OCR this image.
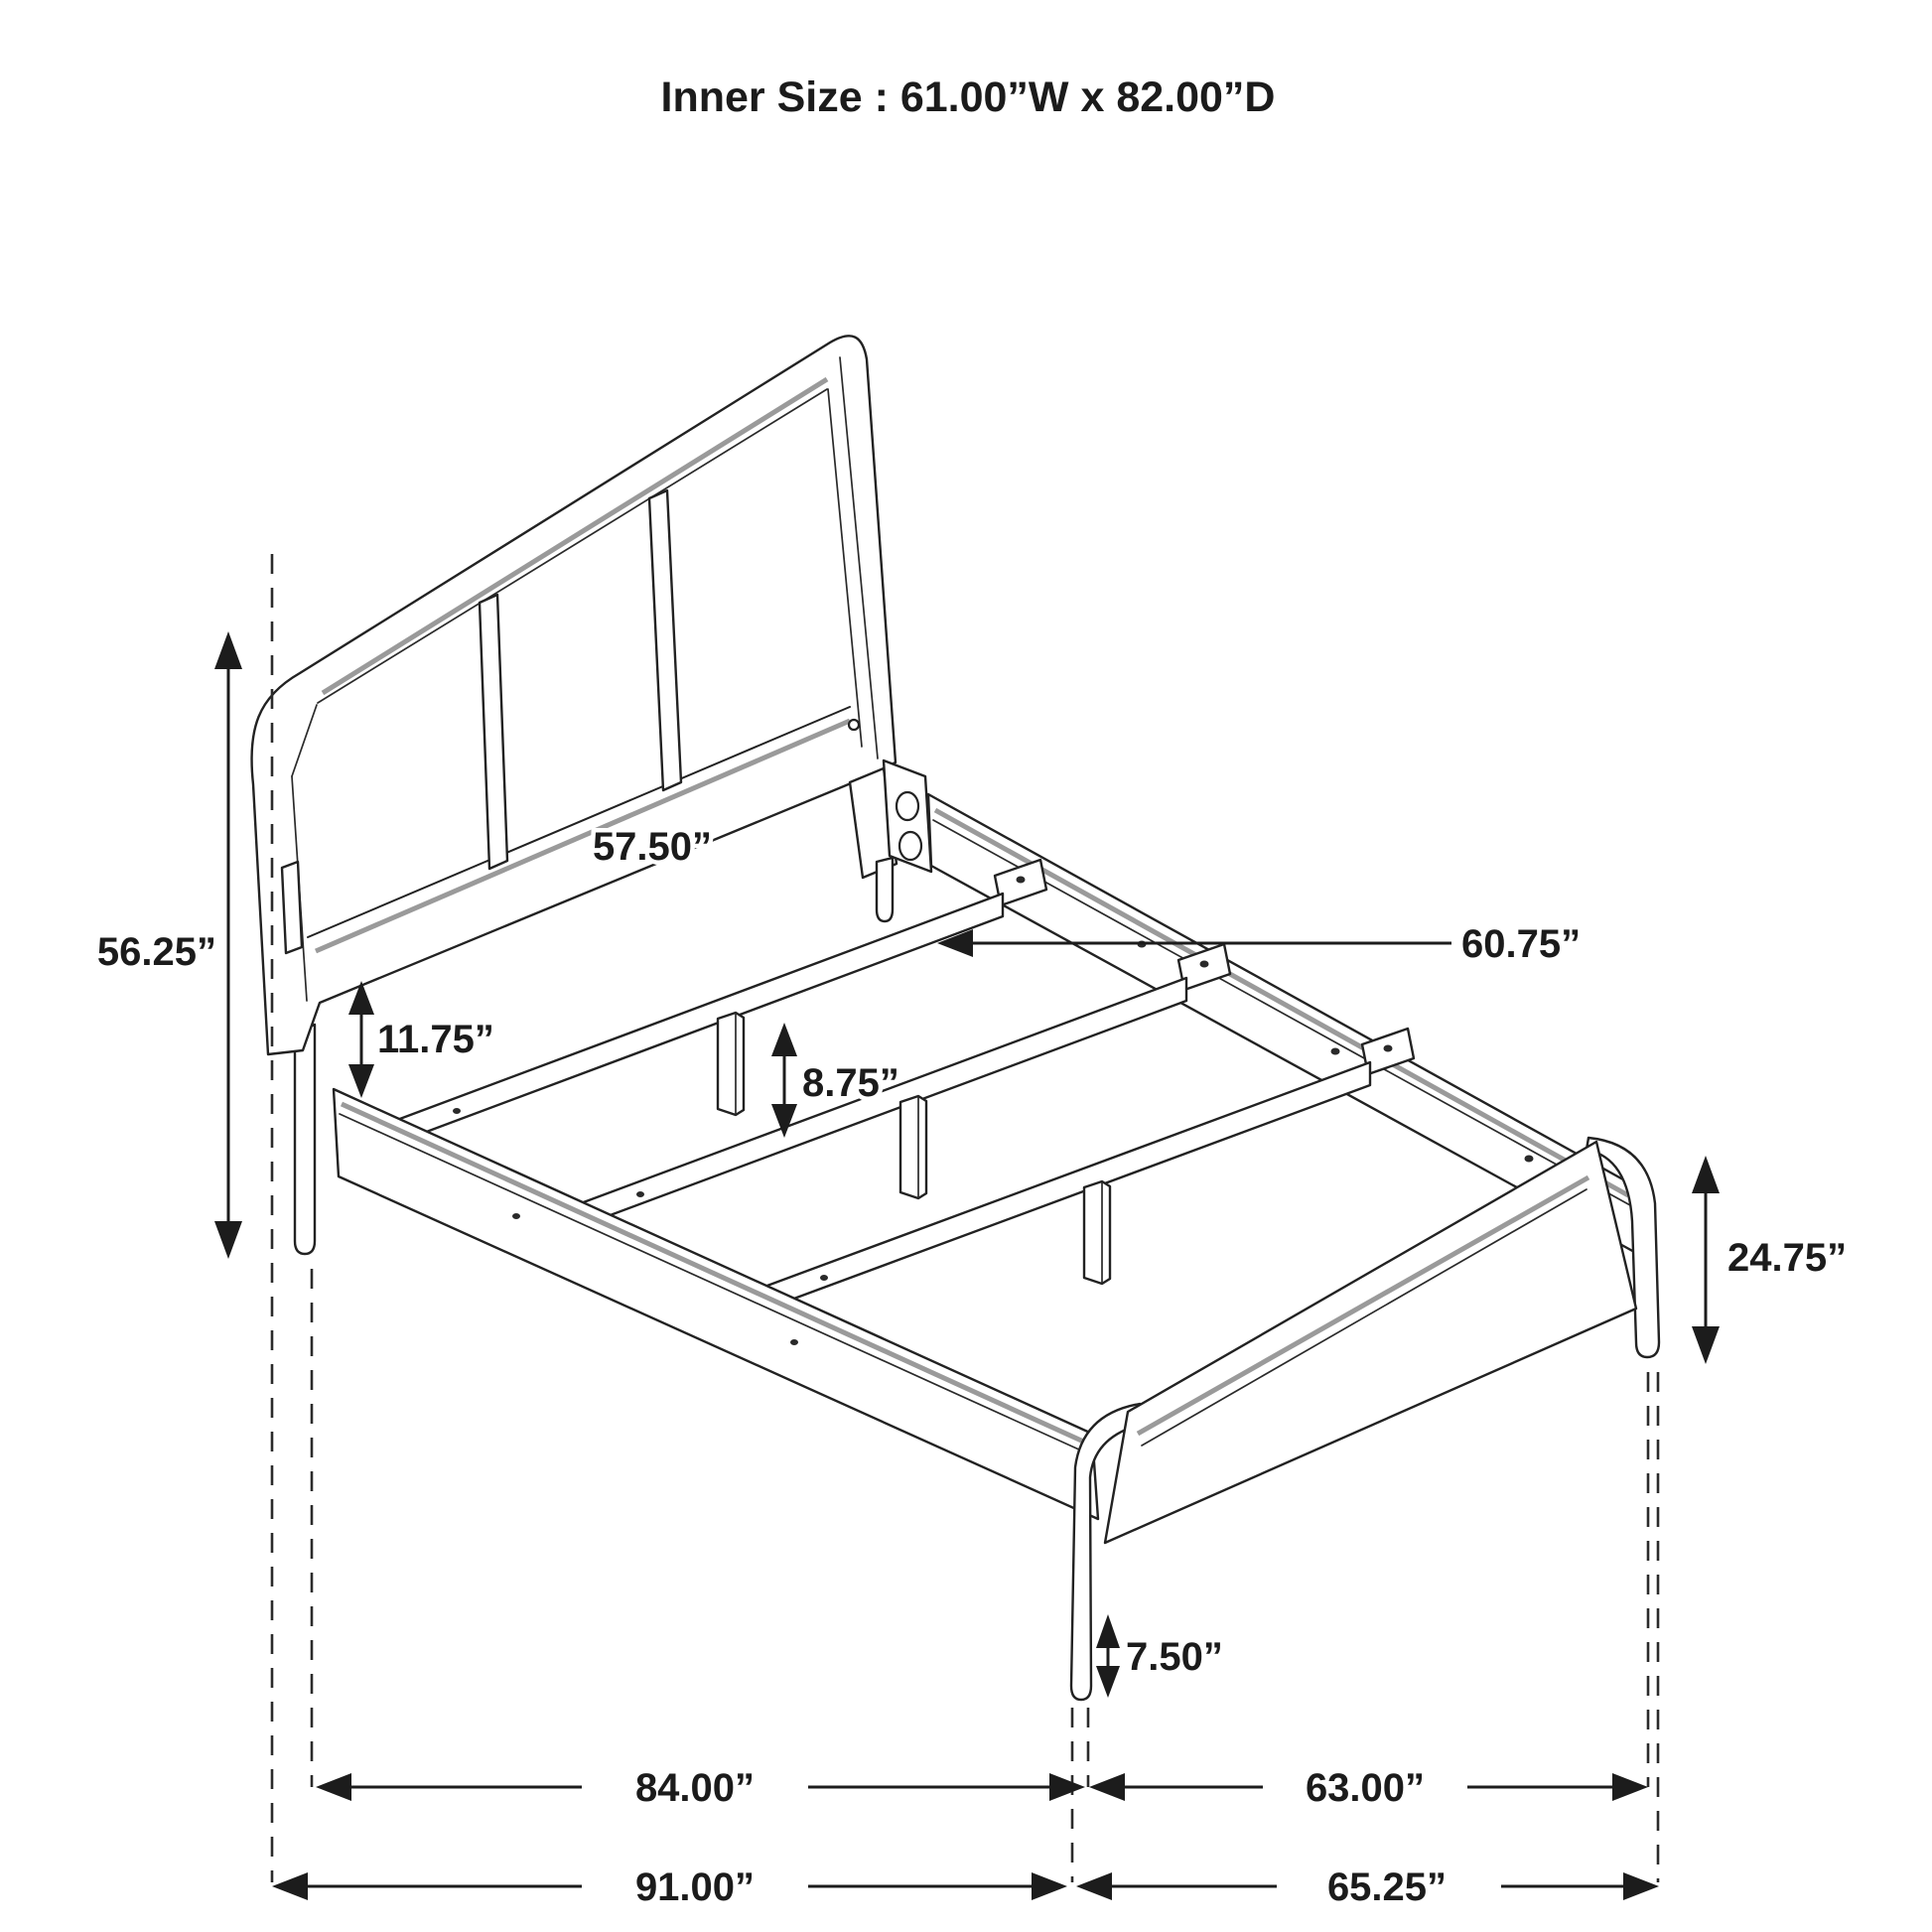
Inner Size : 61.00”W x 82.00”D
56.25”
57.50”
11.75”
60.75”
8.75”
24.75”
7.50”
84.00”	63.00”
91.00”	65.25”
